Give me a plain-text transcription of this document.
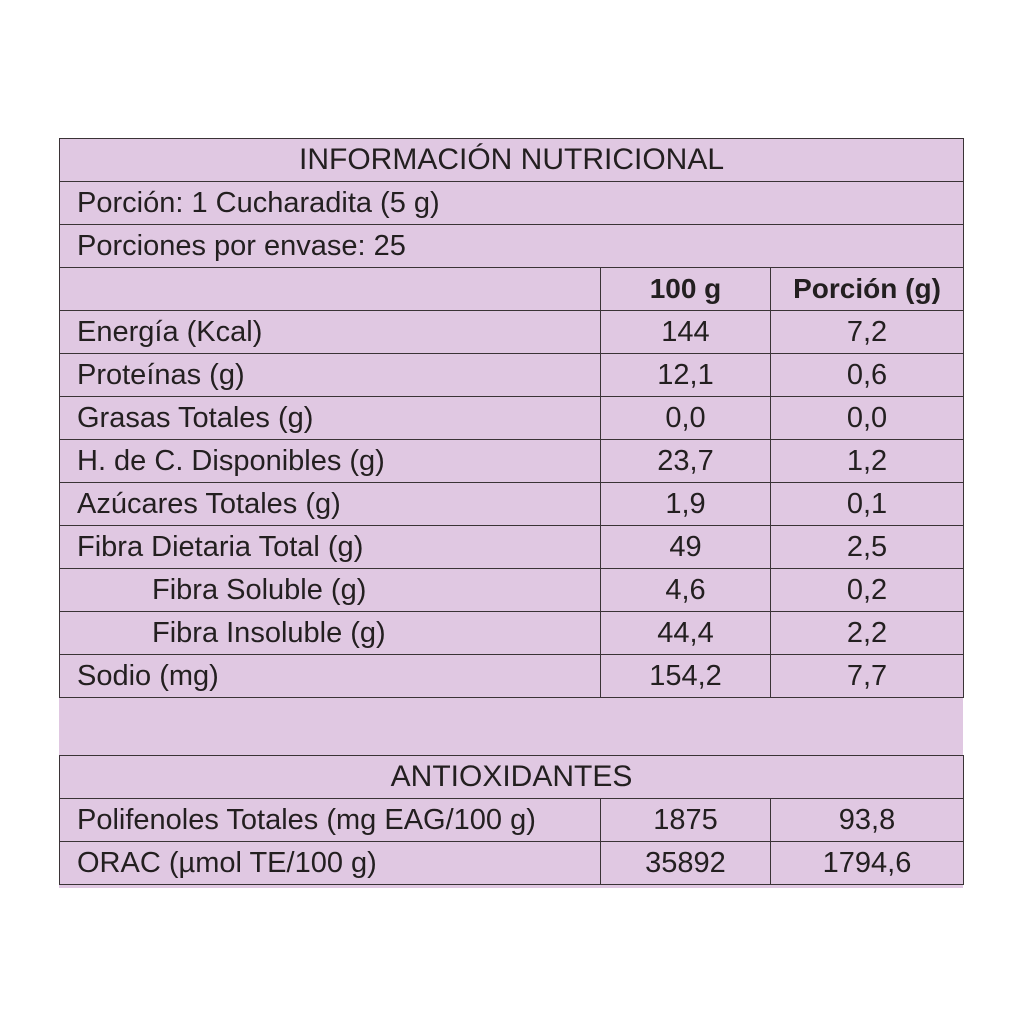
INFORMACIÓN NUTRICIONAL		
Porción: 1 Cucharadita (5 g)		
Porciones por envase: 25		
	100 g	Porción (g)
Energía (Kcal)	144	7,2
Proteínas (g)	12,1	0,6
Grasas Totales (g)	0,0	0,0
H. de C. Disponibles (g)	23,7	1,2
Azúcares Totales (g)	1,9	0,1
Fibra Dietaria Total (g)	49	2,5
Fibra Soluble (g)	4,6	0,2
Fibra Insoluble (g)	44,4	2,2
Sodio (mg)	154,2	7,7
ANTIOXIDANTES		
Polifenoles Totales (mg EAG/100 g)	1875	93,8
ORAC (µmol TE/100 g)	35892	1794,6
